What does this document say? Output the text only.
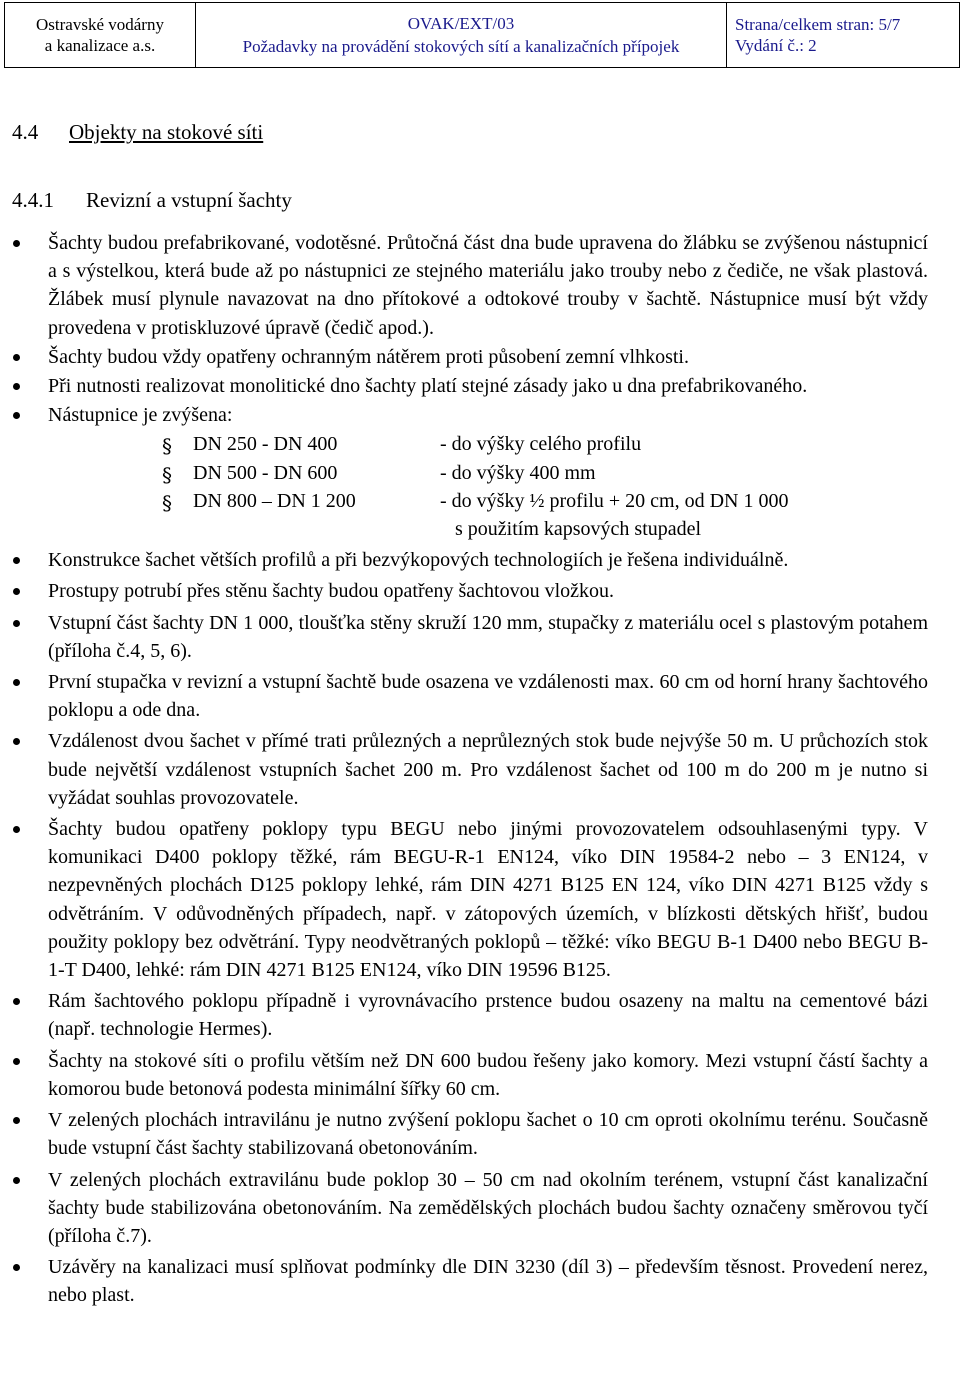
Ostravské vodárny
a kanalizace a.s.
OVAK/EXT/03
Požadavky na provádění stokových sítí a kanalizačních přípojek
Strana/celkem stran: 5/7
Vydání č.: 2
4.4 Objekty na stokové síti
4.4.1 Revizní a vstupní šachty
Šachty budou prefabrikované, vodotěsné. Průtočná část dna bude upravena do žlábku se zvýšenou nástupnicí a s výstelkou, která bude až po nástupnici ze stejného materiálu jako trouby nebo z čediče, ne však plastová. Žlábek musí plynule navazovat na dno přítokové a odtokové trouby v šachtě. Nástupnice musí být vždy provedena v protiskluzové úpravě (čedič apod.).
Šachty budou vždy opatřeny ochranným nátěrem proti působení zemní vlhkosti.
Při nutnosti realizovat monolitické dno šachty platí stejné zásady jako u dna prefabrikovaného.
Nástupnice je zvýšena:
§ DN 250 - DN 400	- do výšky celého profilu
§ DN 500 - DN 600	- do výšky 400 mm
§ DN 800 – DN 1 200	- do výšky ½ profilu + 20 cm, od DN 1 000
s použitím kapsových stupadel
Konstrukce šachet větších profilů a při bezvýkopových technologiích je řešena individuálně.
Prostupy potrubí přes stěnu šachty budou opatřeny šachtovou vložkou.
Vstupní část šachty DN 1 000, tloušťka stěny skruží 120 mm, stupačky z materiálu ocel s plastovým potahem (příloha č.4, 5, 6).
První stupačka v revizní a vstupní šachtě bude osazena ve vzdálenosti max. 60 cm od horní hrany šachtového poklopu a ode dna.
Vzdálenost dvou šachet v přímé trati průlezných a neprůlezných stok bude nejvýše 50 m. U průchozích stok bude největší vzdálenost vstupních šachet 200 m. Pro vzdálenost šachet od 100 m do 200 m je nutno si vyžádat souhlas provozovatele.
Šachty budou opatřeny poklopy typu BEGU nebo jinými provozovatelem odsouhlasenými typy. V komunikaci D400 poklopy těžké, rám BEGU-R-1 EN124, víko DIN 19584-2 nebo – 3 EN124, v nezpevněných plochách D125 poklopy lehké, rám DIN 4271 B125 EN 124, víko DIN 4271 B125 vždy s odvětráním. V odůvodněných případech, např. v zátopových územích, v blízkosti dětských hřišť, budou použity poklopy bez odvětrání. Typy neodvětraných poklopů – těžké: víko BEGU B-1 D400 nebo BEGU B-1-T D400, lehké: rám DIN 4271 B125 EN124, víko DIN 19596 B125.
Rám šachtového poklopu případně i vyrovnávacího prstence budou osazeny na maltu na cementové bázi (např. technologie Hermes).
Šachty na stokové síti o profilu větším než DN 600 budou řešeny jako komory. Mezi vstupní částí šachty a komorou bude betonová podesta minimální šířky 60 cm.
V zelených plochách intravilánu je nutno zvýšení poklopu šachet o 10 cm oproti okolnímu terénu. Současně bude vstupní část šachty stabilizovaná obetonováním.
V zelených plochách extravilánu bude poklop 30 – 50 cm nad okolním terénem, vstupní část kanalizační šachty bude stabilizována obetonováním. Na zemědělských plochách budou šachty označeny směrovou tyčí (příloha č.7).
Uzávěry na kanalizaci musí splňovat podmínky dle DIN 3230 (díl 3) – především těsnost. Provedení nerez, nebo plast.
